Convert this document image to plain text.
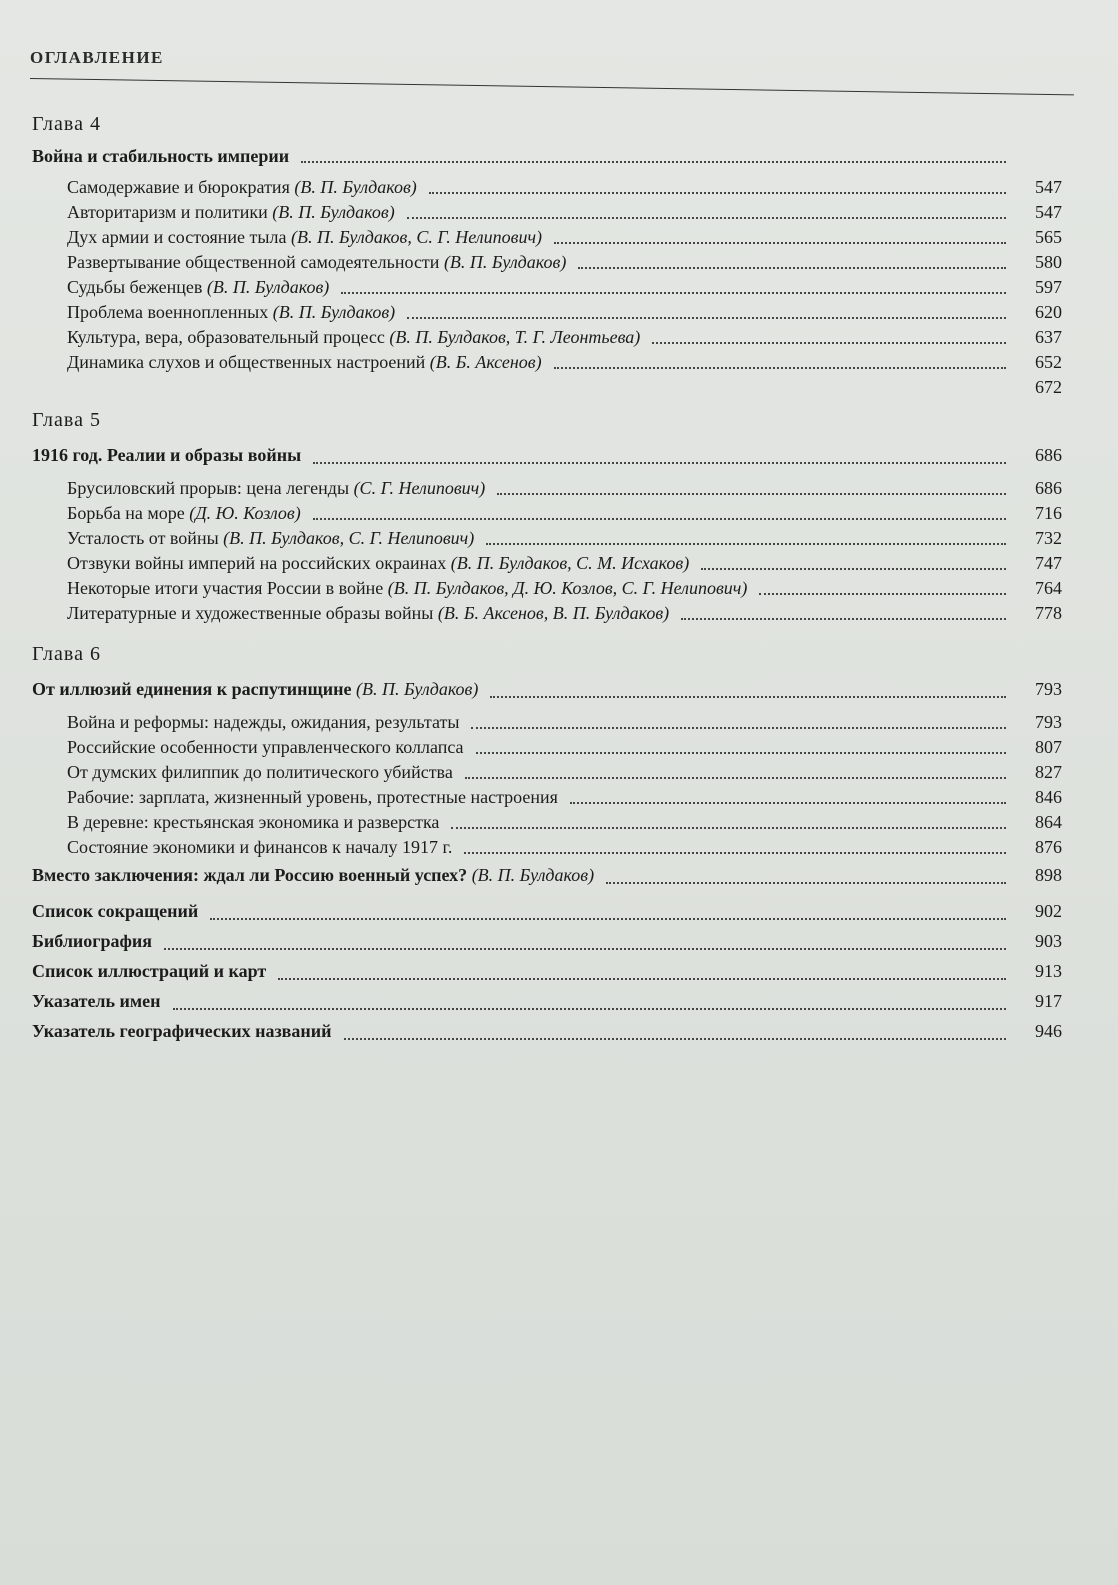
ОГЛАВЛЕНИЕ
Глава 4
Война и стабильность империи
Самодержавие и бюрократия (В. П. Булдаков)	547
Авторитаризм и политики (В. П. Булдаков)	547
Дух армии и состояние тыла (В. П. Булдаков, С. Г. Нелипович)	565
Развертывание общественной самодеятельности (В. П. Булдаков)	580
Судьбы беженцев (В. П. Булдаков)	597
Проблема военнопленных (В. П. Булдаков)	620
Культура, вера, образовательный процесс (В. П. Булдаков, Т. Г. Леонтьева)	637
Динамика слухов и общественных настроений (В. Б. Аксенов)	652
672
Глава 5
1916 год. Реалии и образы войны	686
Брусиловский прорыв: цена легенды (С. Г. Нелипович)	686
Борьба на море (Д. Ю. Козлов)	716
Усталость от войны (В. П. Булдаков, С. Г. Нелипович)	732
Отзвуки войны империй на российских окраинах (В. П. Булдаков, С. М. Исхаков)	747
Некоторые итоги участия России в войне (В. П. Булдаков, Д. Ю. Козлов, С. Г. Нелипович)	764
Литературные и художественные образы войны (В. Б. Аксенов, В. П. Булдаков)	778
Глава 6
От иллюзий единения к распутинщине (В. П. Булдаков)	793
Война и реформы: надежды, ожидания, результаты	793
Российские особенности управленческого коллапса	807
От думских филиппик до политического убийства	827
Рабочие: зарплата, жизненный уровень, протестные настроения	846
В деревне: крестьянская экономика и разверстка	864
Состояние экономики и финансов к началу 1917 г.	876
Вместо заключения: ждал ли Россию военный успех? (В. П. Булдаков)	898
Список сокращений	902
Библиография	903
Список иллюстраций и карт	913
Указатель имен	917
Указатель географических названий	946
